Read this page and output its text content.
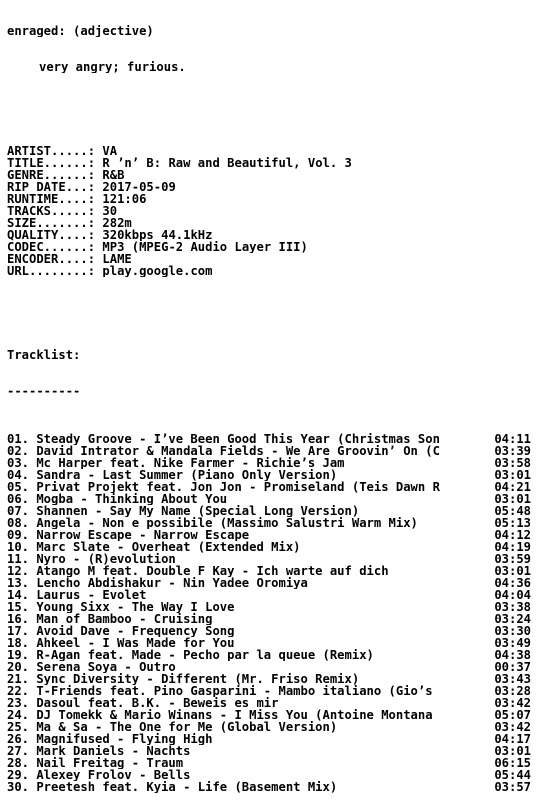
enraged: (adjective)

very angry; furious.

ARTIST.....: VA
TITLE......: R ’n’ B: Raw and Beautiful, Vol. 3
GENRE......: R&B
RIP DATE...: 2017-05-09
RUNTIME....: 121:06
TRACKS.....: 30
SIZE.......: 282m
QUALITY....: 320kbps 44.1kHz
CODEC......: MP3 (MPEG-2 Audio Layer III)
ENCODER....: LAME
URL........: play.google.com

Tracklist:

----------

01. Steady Groove - I’ve Been Good This Year (Christmas Son	04:11
02. David Intrator & Mandala Fields - We Are Groovin’ On (C	03:39
03. Mc Harper feat. Nike Farmer - Richie’s Jam	03:58
04. Sandra - Last Summer (Piano Only Version)	03:01
05. Privat Projekt feat. Jon Jon - Promiseland (Teis Dawn R	04:21
06. Mogba - Thinking About You	03:01
07. Shannen - Say My Name (Special Long Version)	05:48
08. Angela - Non e possibile (Massimo Salustri Warm Mix)	05:13
09. Narrow Escape - Narrow Escape	04:12
10. Marc Slate - Overheat (Extended Mix)	04:19
11. Nyro - (R)evolution	03:59
12. Atango M feat. Double F Kay - Ich warte auf dich	03:01
13. Lencho Abdishakur - Nin Yadee Oromiya	04:36
14. Laurus - Evolet	04:04
15. Young Sixx - The Way I Love	03:38
16. Man of Bamboo - Cruising	03:24
17. Avoid Dave - Frequency Song	03:30
18. Ahkeel - I Was Made for You	03:49
19. R-Agan feat. Made - Pecho par la queue (Remix)	04:38
20. Serena Soya - Outro	00:37
21. Sync Diversity - Different (Mr. Friso Remix)	03:43
22. T-Friends feat. Pino Gasparini - Mambo italiano (Gio’s	03:28
23. Dasoul feat. B.K. - Beweis es mir	03:42
24. DJ Tomekk & Mario Winans - I Miss You (Antoine Montana	05:07
25. Ma & Sa - The One for Me (Global Version)	03:42
26. Magnifused - Flying High	04:17
27. Mark Daniels - Nachts	03:01
28. Nail Freitag - Traum	06:15
29. Alexey Frolov - Bells	05:44
30. Preetesh feat. Kyia - Life (Basement Mix)	03:57
